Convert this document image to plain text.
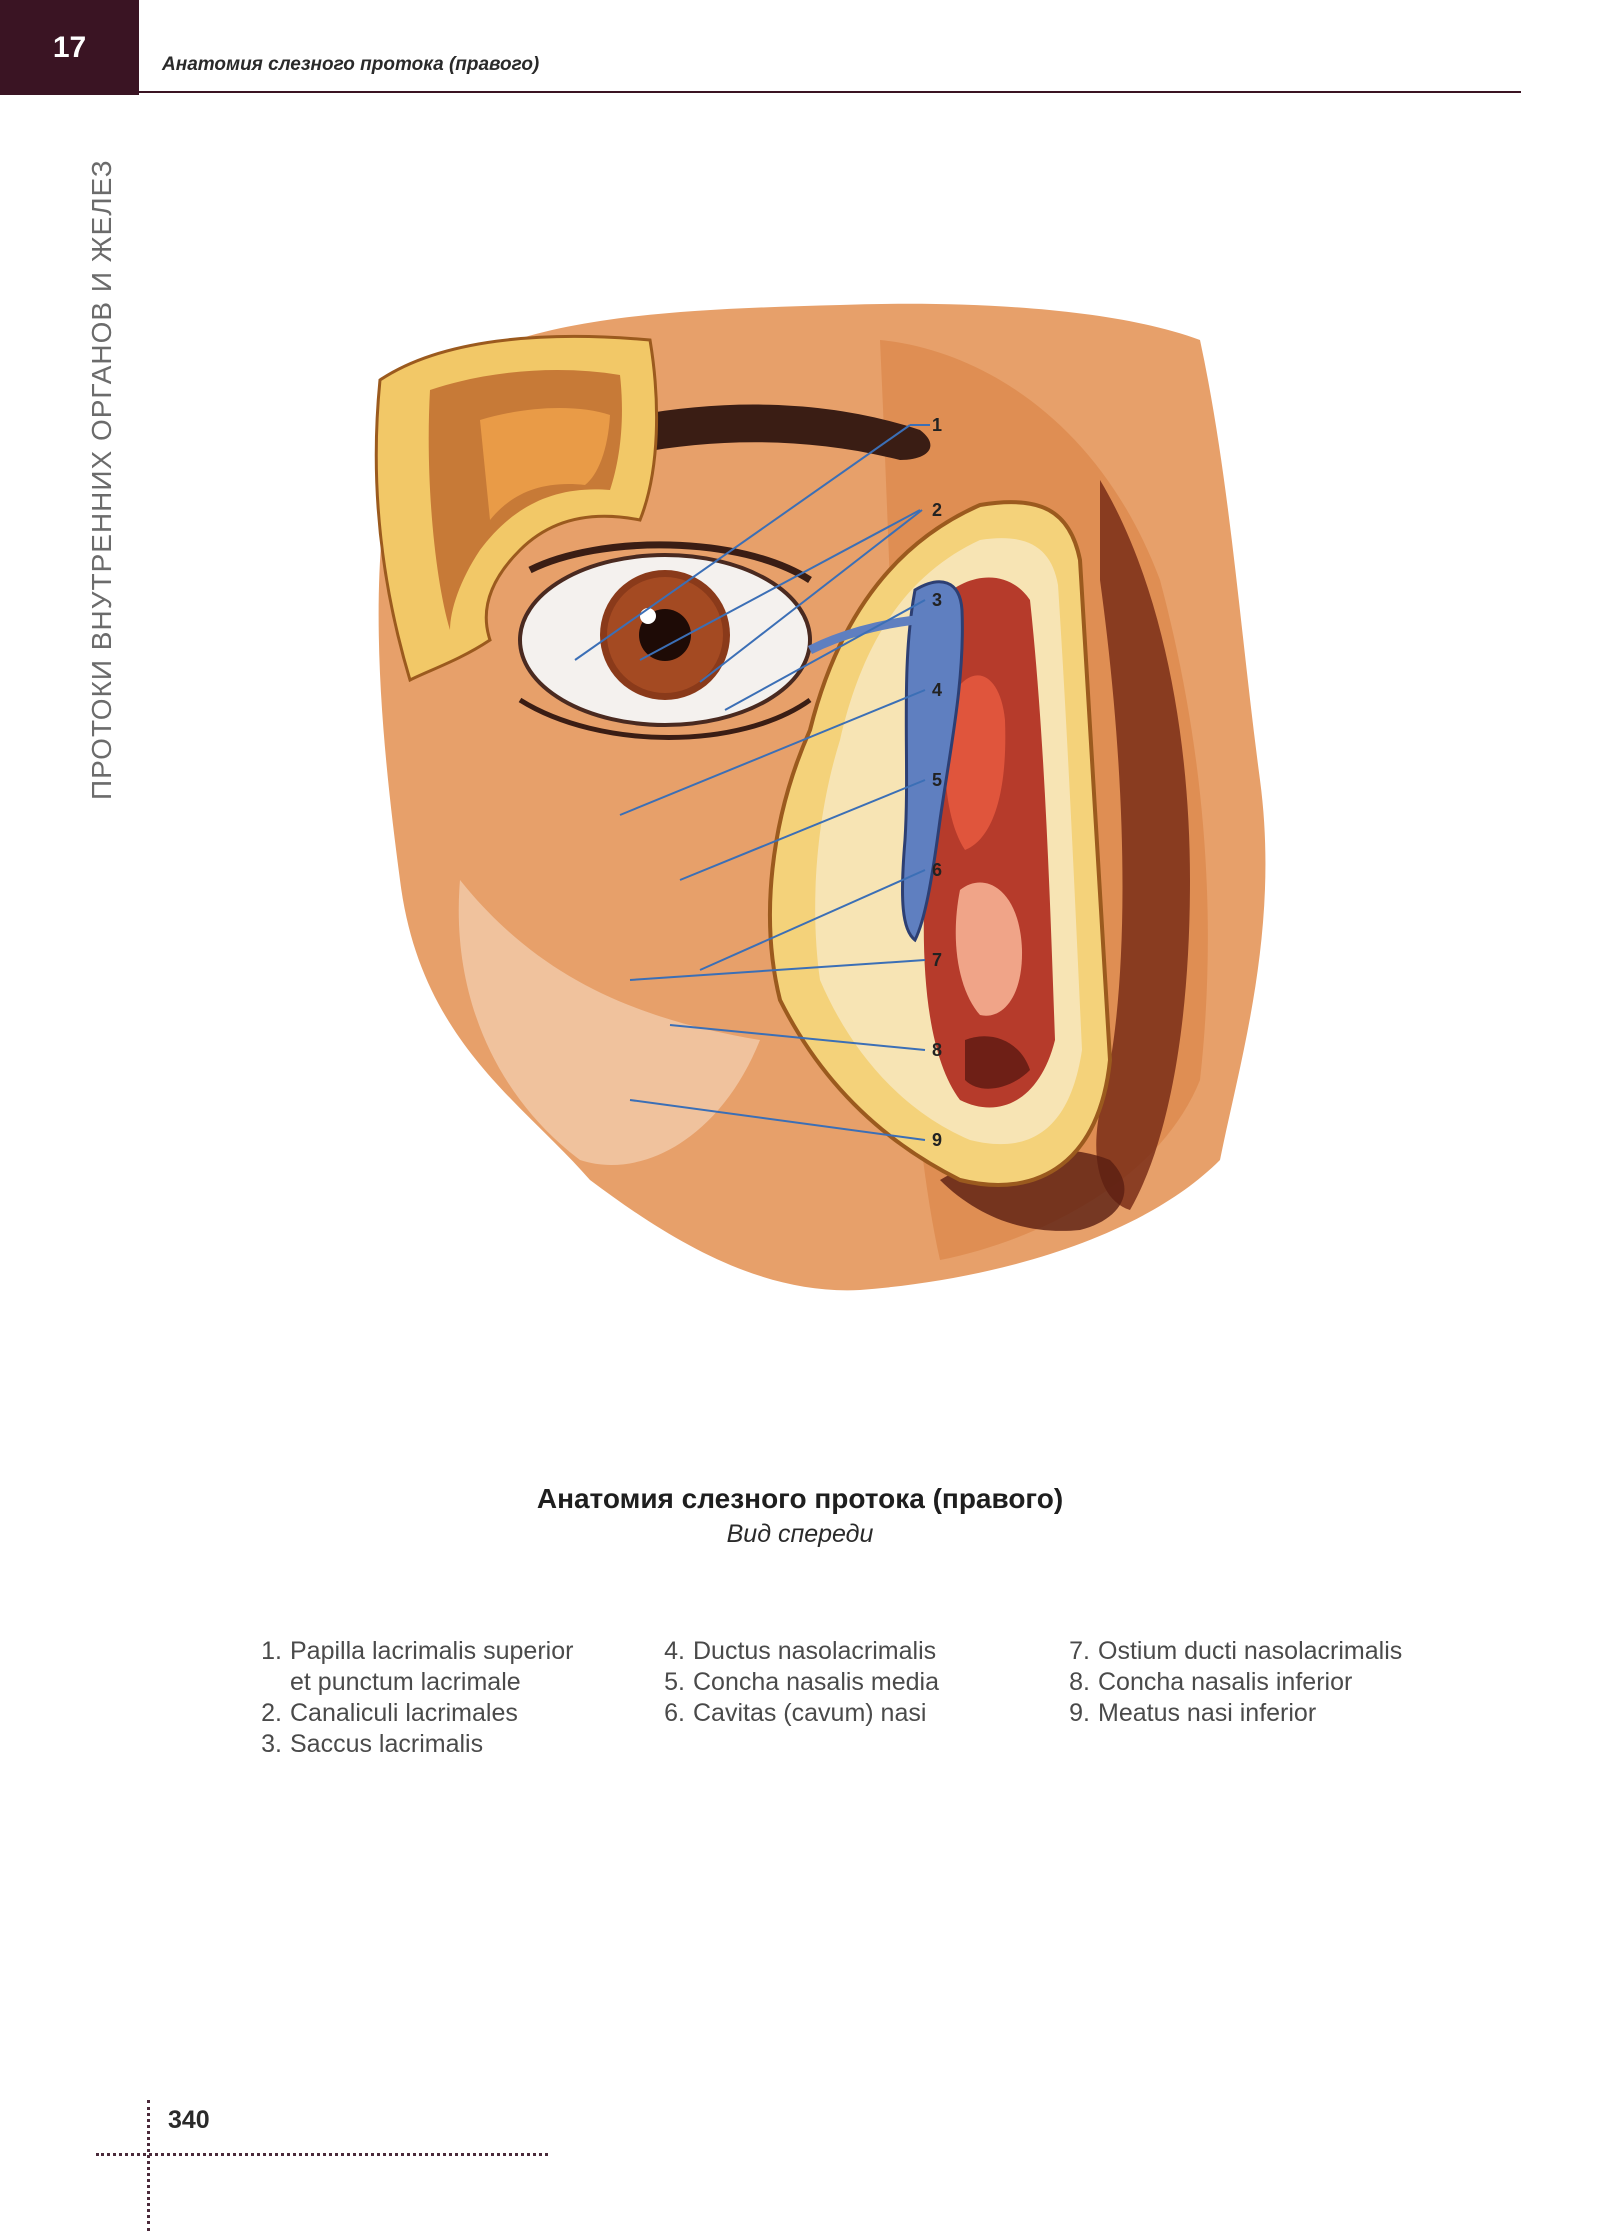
17
Анатомия слезного протока (правого)
ПРОТОКИ ВНУТРЕННИХ ОРГАНОВ И ЖЕЛЕЗ	1
2
3
4
5
6
7
8
9
Анатомия слезного протока (правого)
Вид спереди
1. Papilla lacrimalis superior
et punctum lacrimale
2. Canaliculi lacrimales
3. Saccus lacrimalis
4. Ductus nasolacrimalis
5. Concha nasalis media
6. Cavitas (cavum) nasi
7. Ostium ducti nasolacrimalis
8. Concha nasalis inferior
9. Meatus nasi inferior
340
